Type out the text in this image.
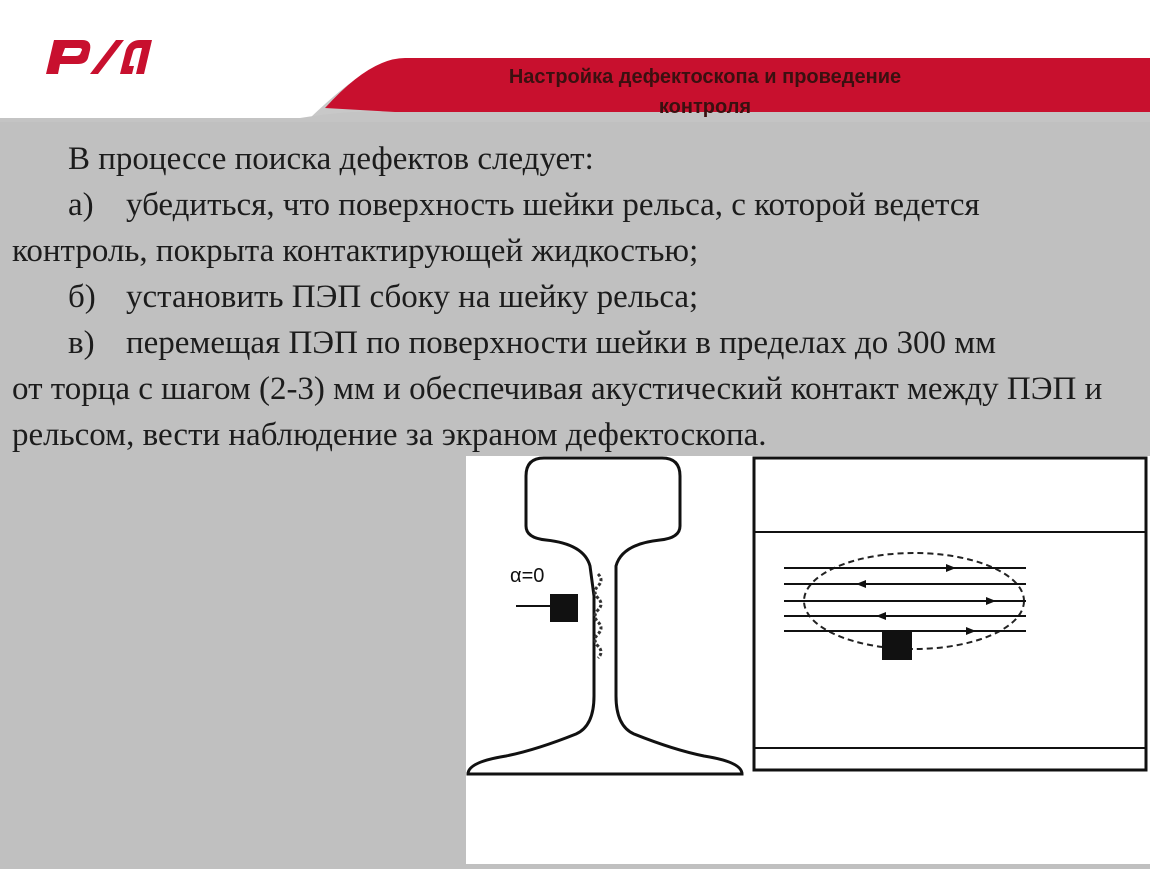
Настройка дефектоскопа и проведение
контроля

В процессе поиска дефектов следует:

а) убедиться, что поверхность шейки рельса, с которой ведется
контроль, покрыта контактирующей жидкостью;

б) установить ПЭП сбоку на шейку рельса;

в) перемещая ПЭП по поверхности шейки в пределах до 300 мм
от торца с шагом (2-3) мм и обеспечивая акустический контакт между ПЭП и рельсом, вести наблюдение за экраном дефектоскопа.

α=0
